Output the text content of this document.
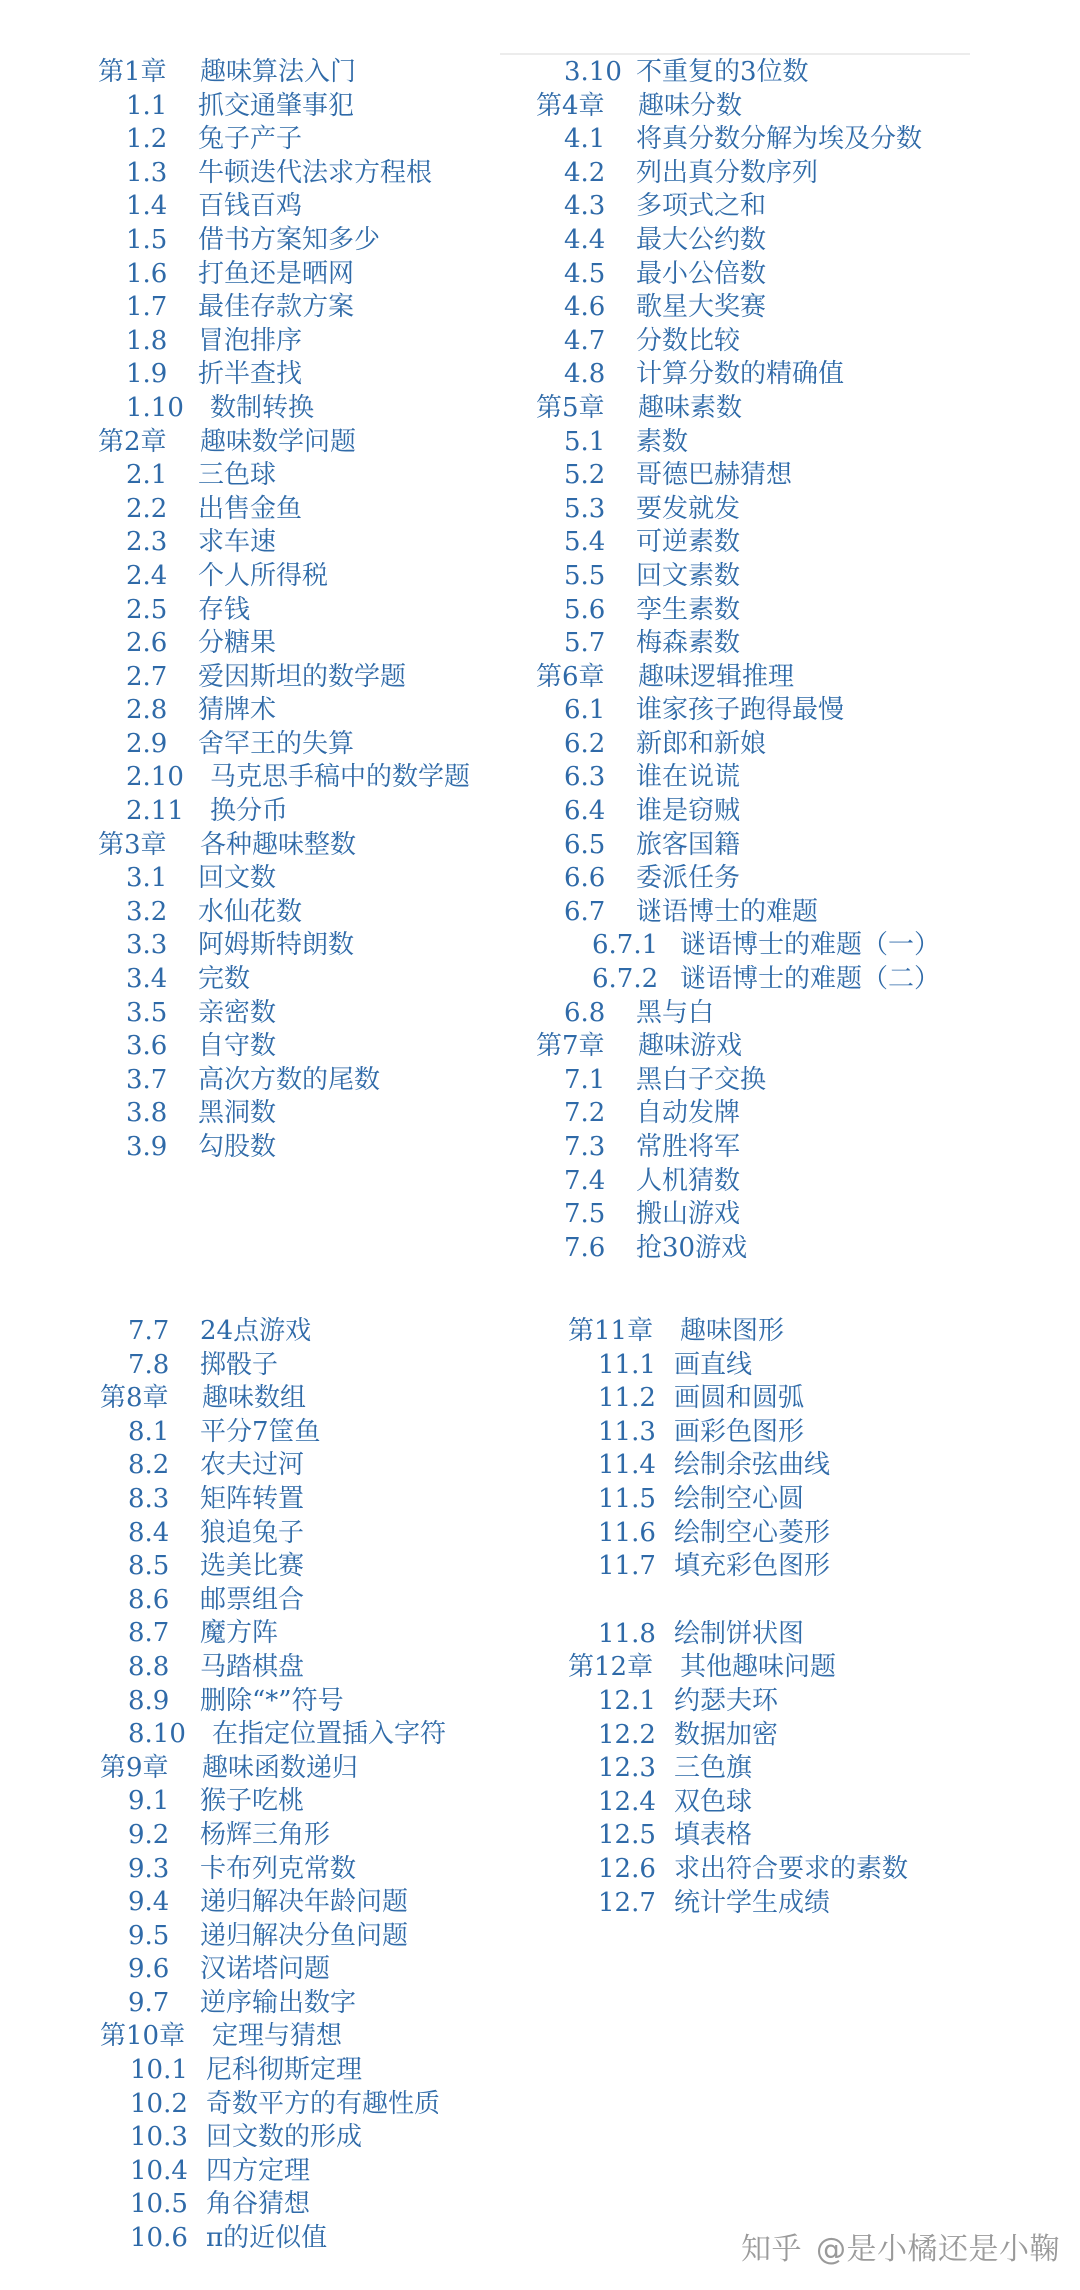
第1章 趣味算法入门
1.1 抓交通肇事犯
1.2 兔子产子
1.3 牛顿迭代法求方程根
1.4 百钱百鸡
1.5 借书方案知多少
1.6 打鱼还是晒网
1.7 最佳存款方案
1.8 冒泡排序
1.9 折半查找
1.10 数制转换
第2章 趣味数学问题
2.1 三色球
2.2 出售金鱼
2.3 求车速
2.4 个人所得税
2.5 存钱
2.6 分糖果
2.7 爱因斯坦的数学题
2.8 猜牌术
2.9 舍罕王的失算
2.10 马克思手稿中的数学题
2.11 换分币
第3章 各种趣味整数
3.1 回文数
3.2 水仙花数
3.3 阿姆斯特朗数
3.4 完数
3.5 亲密数
3.6 自守数
3.7 高次方数的尾数
3.8 黑洞数
3.9 勾股数
3.10 不重复的3位数
第4章 趣味分数
4.1 将真分数分解为埃及分数
4.2 列出真分数序列
4.3 多项式之和
4.4 最大公约数
4.5 最小公倍数
4.6 歌星大奖赛
4.7 分数比较
4.8 计算分数的精确值
第5章 趣味素数
5.1 素数
5.2 哥德巴赫猜想
5.3 要发就发
5.4 可逆素数
5.5 回文素数
5.6 孪生素数
5.7 梅森素数
第6章 趣味逻辑推理
6.1 谁家孩子跑得最慢
6.2 新郎和新娘
6.3 谁在说谎
6.4 谁是窃贼
6.5 旅客国籍
6.6 委派任务
6.7 谜语博士的难题
6.7.1 谜语博士的难题（一）
6.7.2 谜语博士的难题（二）
6.8 黑与白
第7章 趣味游戏
7.1 黑白子交换
7.2 自动发牌
7.3 常胜将军
7.4 人机猜数
7.5 搬山游戏
7.6 抢30游戏
7.7 24点游戏
7.8 掷骰子
第8章 趣味数组
8.1 平分7筐鱼
8.2 农夫过河
8.3 矩阵转置
8.4 狼追兔子
8.5 选美比赛
8.6 邮票组合
8.7 魔方阵
8.8 马踏棋盘
8.9 删除“*”符号
8.10 在指定位置插入字符
第9章 趣味函数递归
9.1 猴子吃桃
9.2 杨辉三角形
9.3 卡布列克常数
9.4 递归解决年龄问题
9.5 递归解决分鱼问题
9.6 汉诺塔问题
9.7 逆序输出数字
第10章 定理与猜想
10.1 尼科彻斯定理
10.2 奇数平方的有趣性质
10.3 回文数的形成
10.4 四方定理
10.5 角谷猜想
10.6 π的近似值
第11章 趣味图形
11.1 画直线
11.2 画圆和圆弧
11.3 画彩色图形
11.4 绘制余弦曲线
11.5 绘制空心圆
11.6 绘制空心菱形
11.7 填充彩色图形
11.8 绘制饼状图
第12章 其他趣味问题
12.1 约瑟夫环
12.2 数据加密
12.3 三色旗
12.4 双色球
12.5 填表格
12.6 求出符合要求的素数
12.7 统计学生成绩
知乎 @是小橘还是小鞠
